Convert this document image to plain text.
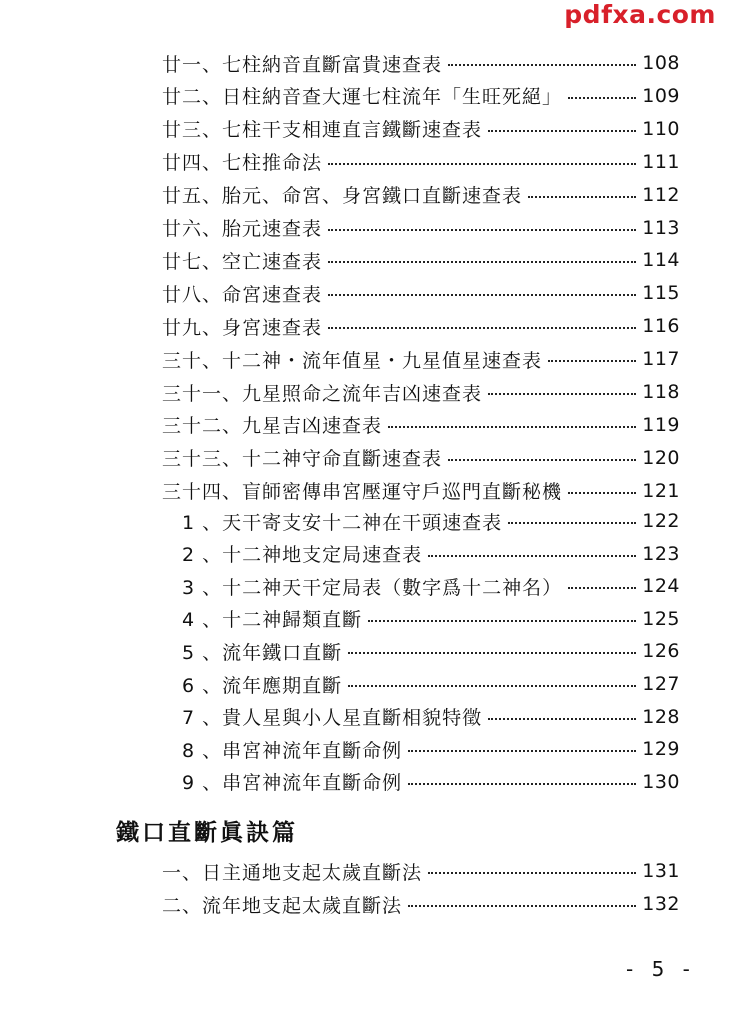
pdfxa.com
廿一、七柱納音直斷富貴速查表	108
廿二、日柱納音查大運七柱流年「生旺死絕」	109
廿三、七柱干支相連直言鐵斷速查表	110
廿四、七柱推命法	111
廿五、胎元、命宮、身宮鐵口直斷速查表	112
廿六、胎元速查表	113
廿七、空亡速查表	114
廿八、命宮速查表	115
廿九、身宮速查表	116
三十、十二神・流年值星・九星值星速查表	117
三十一、九星照命之流年吉凶速查表	118
三十二、九星吉凶速查表	119
三十三、十二神守命直斷速查表	120
三十四、盲師密傳串宮壓運守戶巡門直斷秘機	121
1 、天干寄支安十二神在干頭速查表	122
2 、十二神地支定局速查表	123
3 、十二神天干定局表（數字爲十二神名）	124
4 、十二神歸類直斷	125
5 、流年鐵口直斷	126
6 、流年應期直斷	127
7 、貴人星與小人星直斷相貌特徵	128
8 、串宮神流年直斷命例	129
9 、串宮神流年直斷命例	130
鐵口直斷眞訣篇
一、日主通地支起太歲直斷法	131
二、流年地支起太歲直斷法	132
- 5 -
